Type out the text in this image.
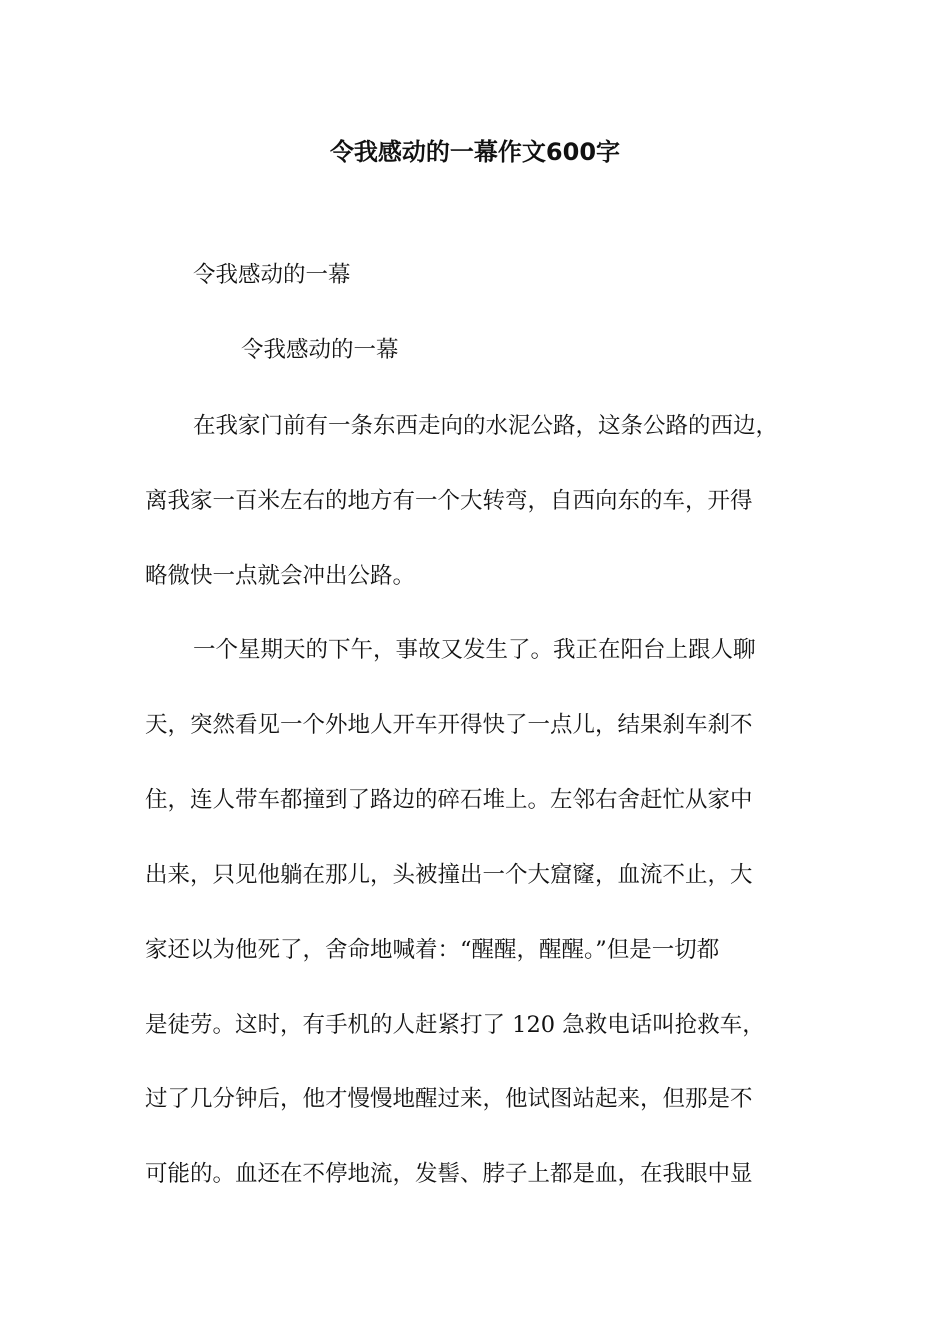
令我感动的一幕作文600字
令我感动的一幕
令我感动的一幕
在我家门前有一条东西走向的水泥公路，这条公路的西边，
离我家一百米左右的地方有一个大转弯，自西向东的车，开得
略微快一点就会冲出公路。
一个星期天的下午，事故又发生了。我正在阳台上跟人聊
天，突然看见一个外地人开车开得快了一点儿，结果刹车刹不
住，连人带车都撞到了路边的碎石堆上。左邻右舍赶忙从家中
出来，只见他躺在那儿，头被撞出一个大窟窿，血流不止，大
家还以为他死了，舍命地喊着：“醒醒，醒醒。”但是一切都
是徒劳。这时，有手机的人赶紧打了 120 急救电话叫抢救车，
过了几分钟后，他才慢慢地醒过来，他试图站起来，但那是不
可能的。血还在不停地流，发髻、脖子上都是血，在我眼中显
